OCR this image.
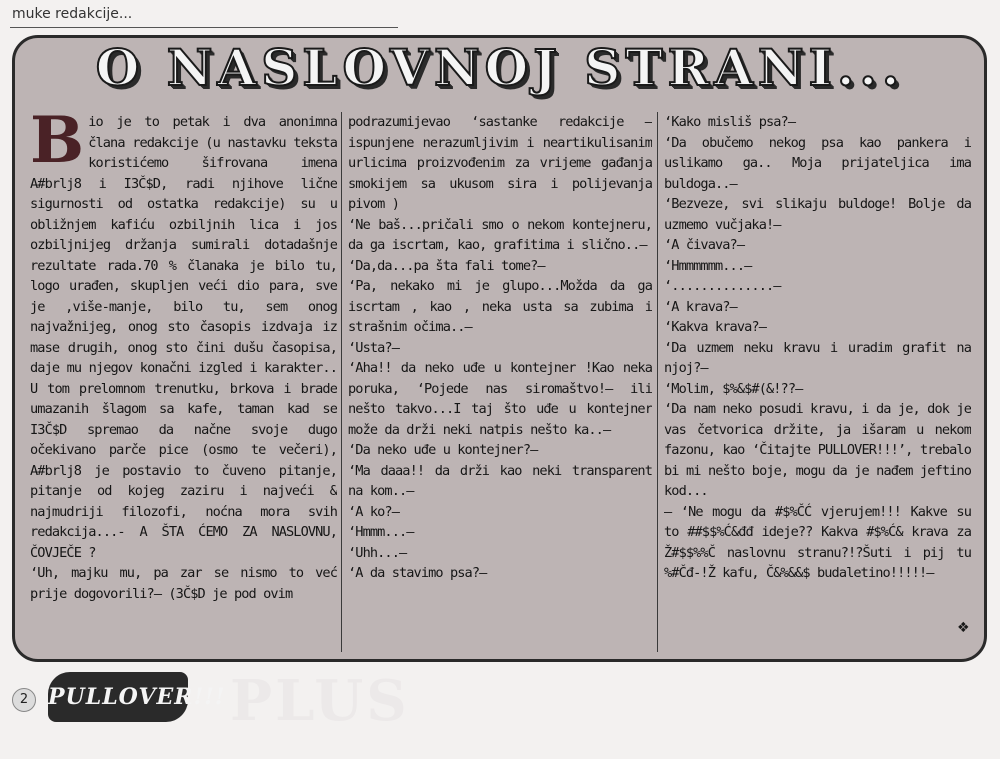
muke redakcije...
O NASLOVNOJ STRANI...

Bio je to petak i dva anonimna člana redakcije (u nastavku teksta koristićemo šifrovana imena A#brlj8 i I3Č$D, radi njihove lične sigurnosti od ostatka redakcije) su u obližnjem kafiću ozbiljnih lica i jos ozbiljnijeg držanja sumirali dotadašnje rezultate rada.70 % članaka je bilo tu, logo urađen, skupljen veći dio para, sve je ,više-manje, bilo tu, sem onog najvažnijeg, onog sto časopis izdvaja iz mase drugih, onog sto čini dušu časopisa, daje mu njegov konačni izgled i karakter.. U tom prelomnom trenutku, brkova i brade umazanih šlagom sa kafe, taman kad se I3Č$D spremao da načne svoje dugo očekivano parče pice (osmo te večeri), A#brlj8 je postavio to čuveno pitanje, pitanje od kojeg zaziru i najveći & najmudriji filozofi, noćna mora svih redakcija...- A ŠTA ĆEMO ZA NASLOVNU, ČOVJEČE ?

‘Uh, majku mu, pa zar se nismo to već prije dogovorili?– (3Č$D je pod ovim

podrazumijevao ‘sastanke redakcije – ispunjene nerazumljivim i neartikulisanim urlicima proizvođenim za vrijeme gađanja smokijem sa ukusom sira i polijevanja pivom )

‘Ne baš...pričali smo o nekom kontejneru, da ga iscrtam, kao, grafitima i slično..–

‘Da,da...pa šta fali tome?–

‘Pa, nekako mi je glupo...Možda da ga iscrtam , kao , neka usta sa zubima i strašnim očima..–

‘Usta?–

‘Aha!! da neko uđe u kontejner !Kao neka poruka, ‘Pojede nas siromaštvo!– ili nešto takvo...I taj što uđe u kontejner može da drži neki natpis nešto ka..–

‘Da neko uđe u kontejner?–

‘Ma daaa!! da drži kao neki transparent na kom..–

‘A ko?–

‘Hmmm...–

‘Uhh...–

‘A da stavimo psa?–

‘Kako misliš psa?–

‘Da obučemo nekog psa kao pankera i uslikamo ga.. Moja prijateljica ima buldoga..–

‘Bezveze, svi slikaju buldoge! Bolje da uzmemo vučjaka!–

‘A čivava?–

‘Hmmmmmm...–

‘..............–

‘A krava?–

‘Kakva krava?–

‘Da uzmem neku kravu i uradim grafit na njoj?–

‘Molim, $%&$#(&!??–

‘Da nam neko posudi kravu, i da je, dok je vas četvorica držite, ja išaram u nekom fazonu, kao ‘Čitajte PULLOVER!!!’, trebalo bi mi nešto boje, mogu da je nađem jeftino kod...

– ‘Ne mogu da #$%ČĆ vjerujem!!! Kakve su to ##$$%Ć&đđ ideje?? Kakva #$%Ć& krava za Ž#$$%%Č naslovnu stranu?!?Šuti i pij tu %#Čđ-!Ž kafu, Č&%&&$ budaletino!!!!!–

❖
2 PULLOVER!!! PLUS
